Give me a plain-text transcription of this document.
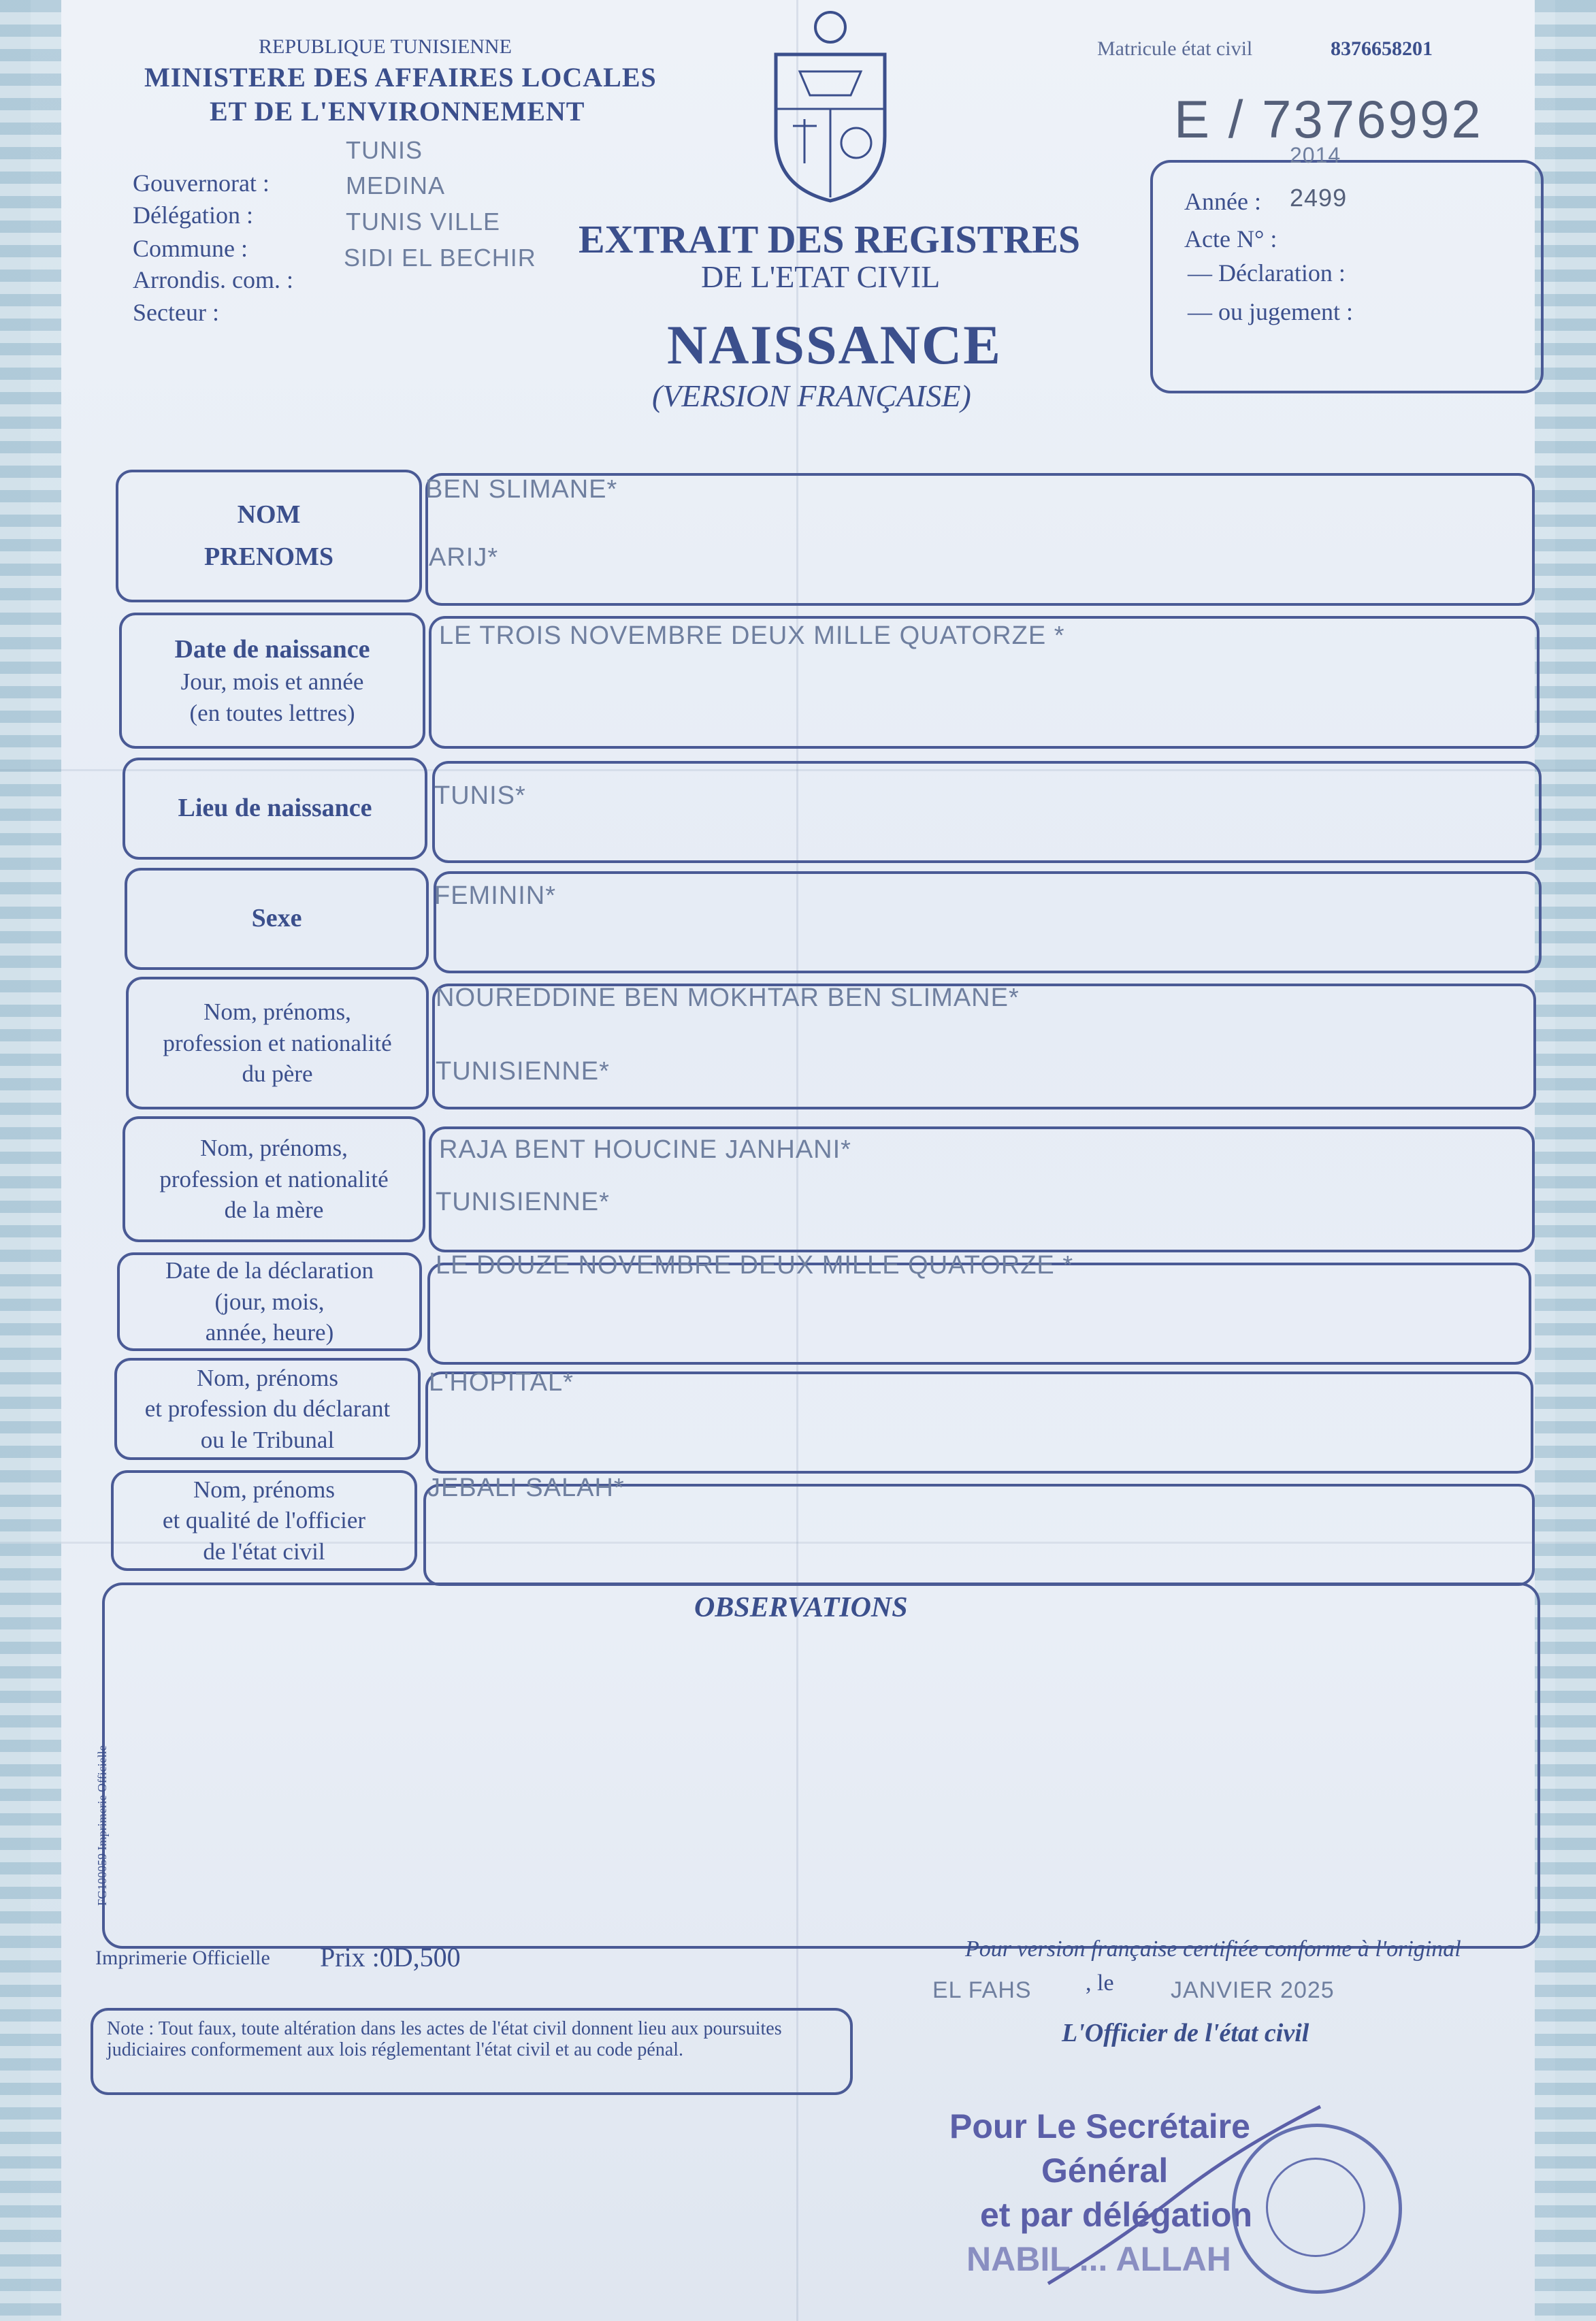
REPUBLIQUE TUNISIENNE
MINISTERE DES AFFAIRES LOCALES
ET DE L'ENVIRONNEMENT
Gouvernorat :
TUNIS
Délégation :
MEDINA
Commune :
TUNIS VILLE
Arrondis. com. :
SIDI EL BECHIR
Secteur :
Matricule état civil	8376658201
E / 7376992
2014
Année : 2499
Acte N° :
— Déclaration :
— ou jugement :
EXTRAIT DES REGISTRES
DE L'ETAT CIVIL
NAISSANCE
(VERSION FRANÇAISE)
NOM
PRENOMS
BEN SLIMANE*
ARIJ*
Date de naissance
Jour, mois et année
(en toutes lettres)
LE TROIS NOVEMBRE DEUX MILLE QUATORZE *
Lieu de naissance TUNIS*
Sexe
FEMININ*
Nom, prénoms,
profession et nationalité
du père
NOUREDDINE BEN MOKHTAR BEN SLIMANE*
TUNISIENNE*
Nom, prénoms,
profession et nationalité
de la mère
RAJA BENT HOUCINE JANHANI*
TUNISIENNE*
Date de la déclaration
(jour, mois,
année, heure)
LE DOUZE NOVEMBRE DEUX MILLE QUATORZE *
Nom, prénoms
et profession du déclarant
ou le Tribunal
L'HOPITAL*
Nom, prénoms
et qualité de l'officier
de l'état civil
JEBALI SALAH*
OBSERVATIONS
FG100059 Imprimerie Officielle
Imprimerie Officielle Prix :0D,500	Pour version française certifiée conforme à l'original
EL FAHS , le JANVIER 2025
L'Officier de l'état civil
Note : Tout faux, toute altération dans les actes de l'état civil donnent lieu aux poursuites judiciaires conformement aux lois réglementant l'état civil et au code pénal.
Pour Le Secrétaire
Général
et par délégation
NABIL ... ALLAH
